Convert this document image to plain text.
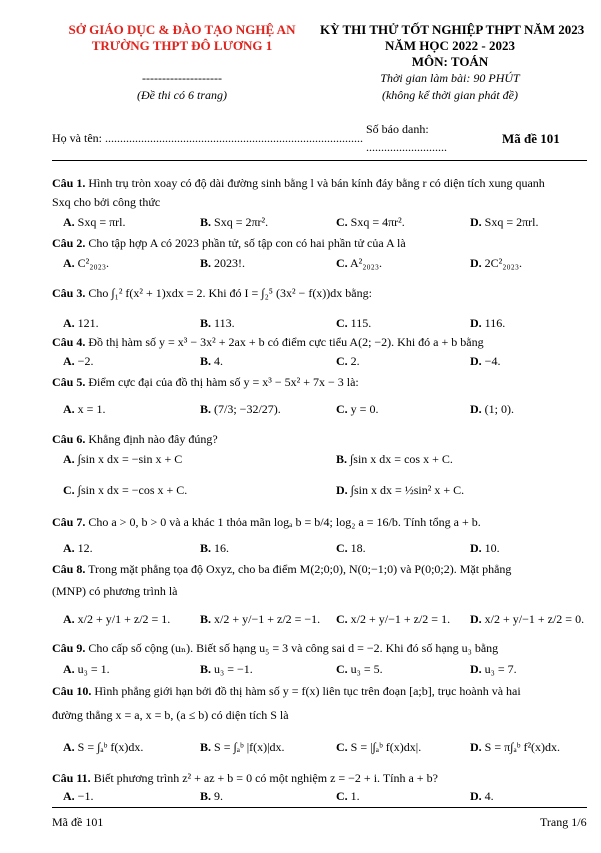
SỞ GIÁO DỤC & ĐÀO TẠO NGHỆ AN
TRƯỜNG THPT ĐÔ LƯƠNG 1
--------------------
(Đề thi có 6 trang)
KỲ THI THỬ TỐT NGHIỆP THPT NĂM 2023
NĂM HỌC 2022 - 2023
MÔN: TOÁN
Thời gian làm bài: 90 PHÚT
(không kể thời gian phát đề)
Họ và tên: ......................................................................................
Số báo danh:
...........................
Mã đề 101
Câu 1. Hình trụ tròn xoay có độ dài đường sinh bằng l và bán kính đáy bằng r có diện tích xung quanh
Sxq cho bởi công thức
A. Sxq = πrl.	B. Sxq = 2πr².	C. Sxq = 4πr².	D. Sxq = 2πrl.
Câu 2. Cho tập hợp A có 2023 phần tử, số tập con có hai phần tử của A là
A. C²₂₀₂₃.	B. 2023!.	C. A²₂₀₂₃.	D. 2C²₂₀₂₃.
Câu 3. Cho ∫₁² f(x² + 1)xdx = 2. Khi đó I = ∫₂⁵ (3x² − f(x))dx bằng:
A. 121.	B. 113.	C. 115.	D. 116.
Câu 4. Đồ thị hàm số y = x³ − 3x² + 2ax + b có điểm cực tiểu A(2; −2). Khi đó a + b bằng
A. −2.	B. 4.	C. 2.	D. −4.
Câu 5. Điểm cực đại của đồ thị hàm số y = x³ − 5x² + 7x − 3 là:
A. x = 1.	B. (7/3; −32/27).	C. y = 0.	D. (1; 0).
Câu 6. Khẳng định nào đây đúng?
A. ∫sin x dx = −sin x + C	B. ∫sin x dx = cos x + C.
C. ∫sin x dx = −cos x + C.	D. ∫sin x dx = ½sin² x + C.
Câu 7. Cho a > 0, b > 0 và a khác 1 thỏa mãn logₐ b = b/4; log₂ a = 16/b. Tính tổng a + b.
A. 12.	B. 16.	C. 18.	D. 10.
Câu 8. Trong mặt phẳng tọa độ Oxyz, cho ba điểm M(2;0;0), N(0;−1;0) và P(0;0;2). Mặt phẳng
(MNP) có phương trình là
A. x/2 + y/1 + z/2 = 1. B. x/2 + y/−1 + z/2 = −1. C. x/2 + y/−1 + z/2 = 1. D. x/2 + y/−1 + z/2 = 0.
Câu 9. Cho cấp số cộng (uₙ). Biết số hạng u₅ = 3 và công sai d = −2. Khi đó số hạng u₃ bằng
A. u₃ = 1.	B. u₃ = −1.	C. u₃ = 5.	D. u₃ = 7.
Câu 10. Hình phẳng giới hạn bởi đồ thị hàm số y = f(x) liên tục trên đoạn [a;b], trục hoành và hai
đường thẳng x = a, x = b, (a ≤ b) có diện tích S là
A. S = ∫ₐᵇ f(x)dx.	B. S = ∫ₐᵇ |f(x)|dx.	C. S = |∫ₐᵇ f(x)dx|.	D. S = π∫ₐᵇ f²(x)dx.
Câu 11. Biết phương trình z² + az + b = 0 có một nghiệm z = −2 + i. Tính a + b?
A. −1.	B. 9.	C. 1.	D. 4.
Mã đề 101	Trang 1/6
